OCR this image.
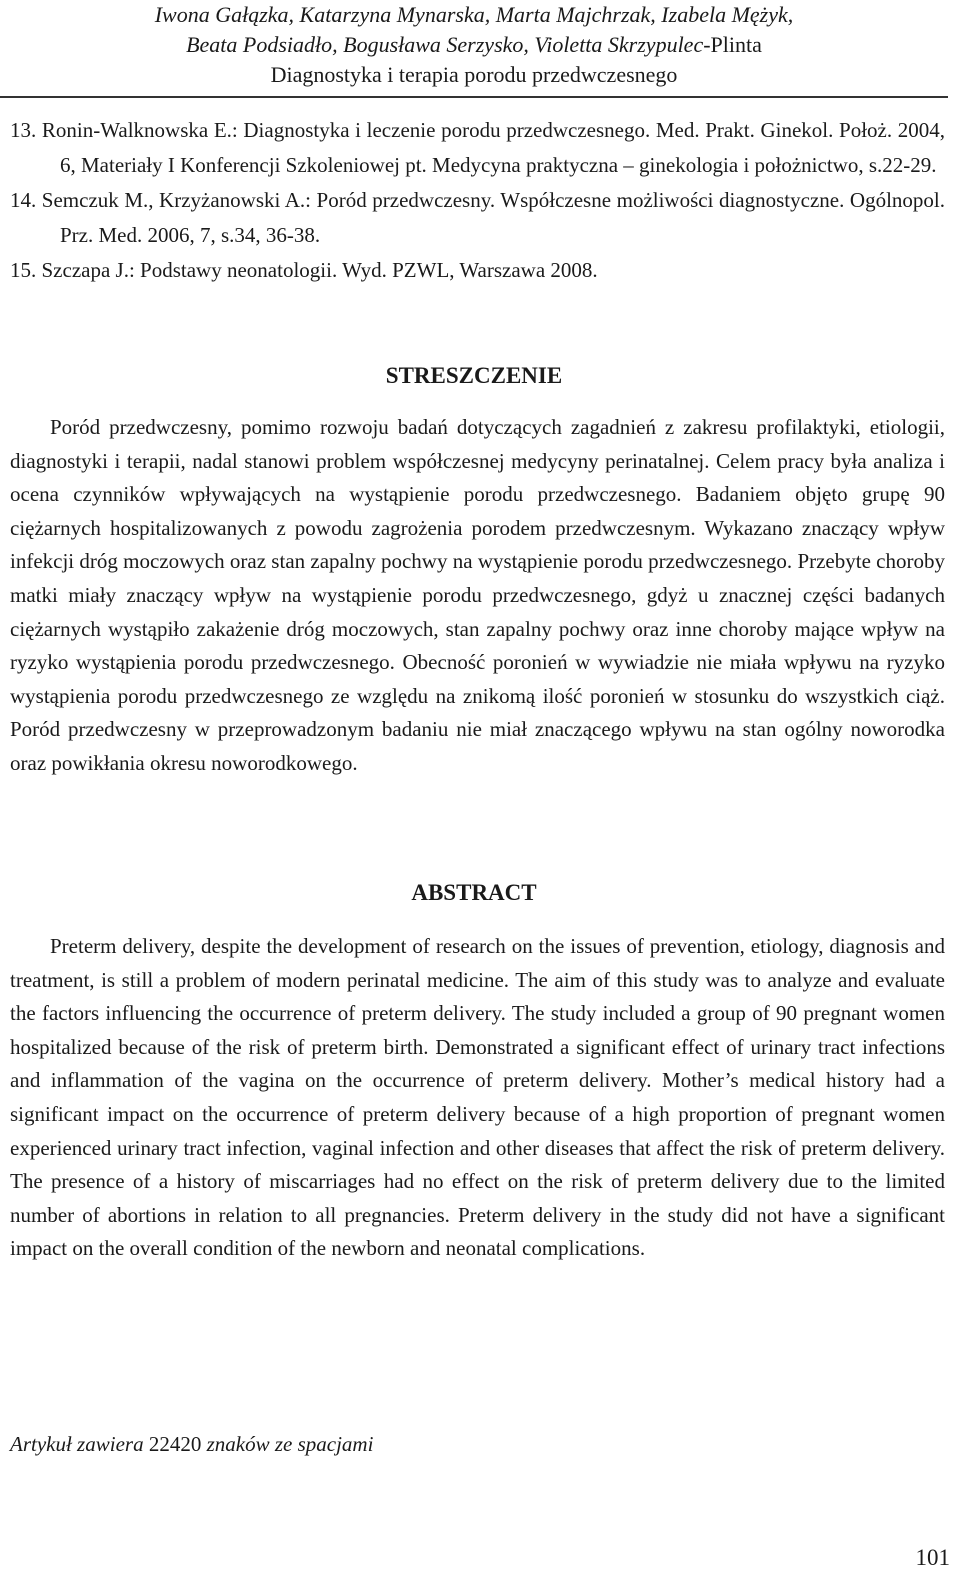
Iwona Gałązka, Katarzyna Mynarska, Marta Majchrzak, Izabela Mężyk,
Beata Podsiadło, Bogusława Serzysko, Violetta Skrzypulec-Plinta
Diagnostyka i terapia porodu przedwczesnego

13. Ronin-Walknowska E.: Diagnostyka i leczenie porodu przedwczesnego. Med. Prakt. Ginekol. Położ. 2004, 6, Materiały I Konferencji Szkoleniowej pt. Medycyna praktyczna – ginekologia i położnictwo, s.22-29.

14. Semczuk M., Krzyżanowski A.: Poród przedwczesny. Współczesne możliwości diagnostyczne. Ogólnopol. Prz. Med. 2006, 7, s.34, 36-38.

15. Szczapa J.: Podstawy neonatologii. Wyd. PZWL, Warszawa 2008.

STRESZCZENIE

Poród przedwczesny, pomimo rozwoju badań dotyczących zagadnień z zakresu profilaktyki, etiologii, diagnostyki i terapii, nadal stanowi problem współczesnej medycyny perinatalnej. Celem pracy była analiza i ocena czynników wpływających na wystąpienie porodu przedwczesnego. Badaniem objęto grupę 90 ciężarnych hospitalizowanych z powodu zagrożenia porodem przedwczesnym. Wykazano znaczący wpływ infekcji dróg moczowych oraz stan zapalny pochwy na wystąpienie porodu przedwczesnego. Przebyte choroby matki miały znaczący wpływ na wystąpienie porodu przedwczesnego, gdyż u znacznej części badanych ciężarnych wystąpiło zakażenie dróg moczowych, stan zapalny pochwy oraz inne choroby mające wpływ na ryzyko wystąpienia porodu przedwczesnego. Obecność poronień w wywiadzie nie miała wpływu na ryzyko wystąpienia porodu przedwczesnego ze względu na znikomą ilość poronień w stosunku do wszystkich ciąż. Poród przedwczesny w przeprowadzonym badaniu nie miał znaczącego wpływu na stan ogólny noworodka oraz powikłania okresu noworodkowego.

ABSTRACT

Preterm delivery, despite the development of research on the issues of prevention, etiology, diagnosis and treatment, is still a problem of modern perinatal medicine. The aim of this study was to analyze and evaluate the factors influencing the occurrence of preterm delivery. The study included a group of 90 pregnant women hospitalized because of the risk of preterm birth. Demonstrated a significant effect of urinary tract infections and inflammation of the vagina on the occurrence of preterm delivery. Mother’s medical history had a significant impact on the occurrence of preterm delivery because of a high proportion of pregnant women experienced urinary tract infection, vaginal infection and other diseases that affect the risk of preterm delivery. The presence of a history of miscarriages had no effect on the risk of preterm delivery due to the limited number of abortions in relation to all pregnancies. Preterm delivery in the study did not have a significant impact on the overall condition of the newborn and neonatal complications.

Artykuł zawiera 22420 znaków ze spacjami
101
